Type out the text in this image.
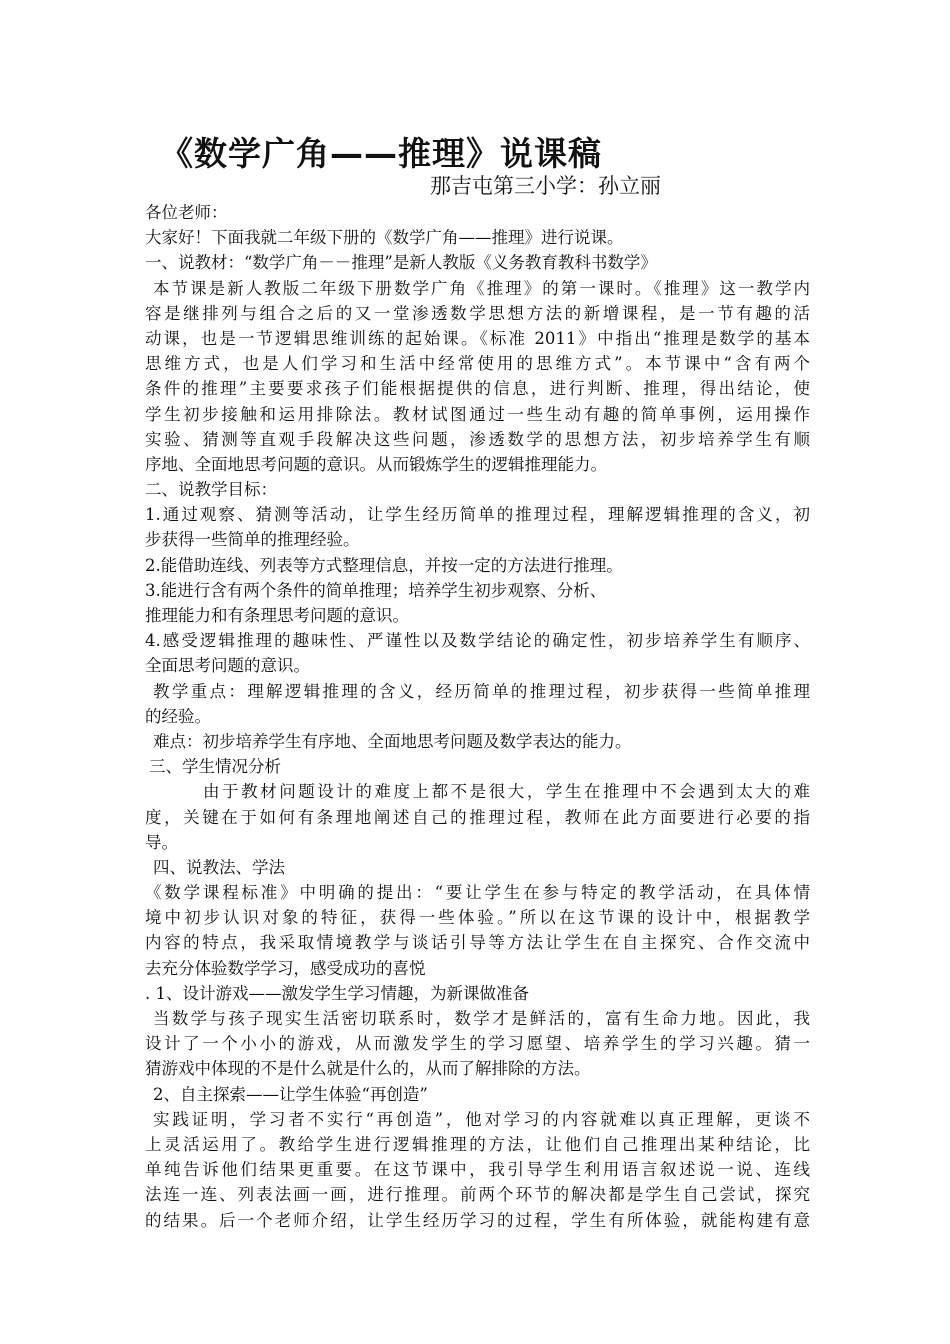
《数学广角——推理》说课稿
那吉屯第三小学：孙立丽
各位老师：
大家好！下面我就二年级下册的《数学广角——推理》进行说课。
一、说教材：“数学广角－－推理”是新人教版《义务教育教科书数学》
本节课是新人教版二年级下册数学广角《推理》的第一课时。《推理》这一教学内
容是继排列与组合之后的又一堂渗透数学思想方法的新增课程，是一节有趣的活
动课，也是一节逻辑思维训练的起始课。《标准 2011》中指出“推理是数学的基本
思维方式，也是人们学习和生活中经常使用的思维方式”。本节课中“含有两个
条件的推理”主要要求孩子们能根据提供的信息，进行判断、推理，得出结论，使
学生初步接触和运用排除法。教材试图通过一些生动有趣的简单事例，运用操作
实验、猜测等直观手段解决这些问题，渗透数学的思想方法，初步培养学生有顺
序地、全面地思考问题的意识。从而锻炼学生的逻辑推理能力。
二、说教学目标：
1.通过观察、猜测等活动，让学生经历简单的推理过程，理解逻辑推理的含义，初
步获得一些简单的推理经验。
2.能借助连线、列表等方式整理信息，并按一定的方法进行推理。
3.能进行含有两个条件的简单推理；培养学生初步观察、分析、
推理能力和有条理思考问题的意识。
4.感受逻辑推理的趣味性、严谨性以及数学结论的确定性，初步培养学生有顺序、
全面思考问题的意识。
教学重点：理解逻辑推理的含义，经历简单的推理过程，初步获得一些简单推理
的经验。
难点：初步培养学生有序地、全面地思考问题及数学表达的能力。
三、学生情况分析
由于教材问题设计的难度上都不是很大，学生在推理中不会遇到太大的难
度，关键在于如何有条理地阐述自己的推理过程，教师在此方面要进行必要的指
导。
四、说教法、学法
《数学课程标准》中明确的提出：“要让学生在参与特定的教学活动，在具体情
境中初步认识对象的特征，获得一些体验。”所以在这节课的设计中，根据教学
内容的特点，我采取情境教学与谈话引导等方法让学生在自主探究、合作交流中
去充分体验数学学习，感受成功的喜悦
. 1、设计游戏——激发学生学习情趣，为新课做准备
当数学与孩子现实生活密切联系时，数学才是鲜活的，富有生命力地。因此，我
设计了一个小小的游戏，从而激发学生的学习愿望、培养学生的学习兴趣。猜一
猜游戏中体现的不是什么就是什么的，从而了解排除的方法。
2、自主探索——让学生体验“再创造”
实践证明，学习者不实行“再创造”，他对学习的内容就难以真正理解，更谈不
上灵活运用了。教给学生进行逻辑推理的方法，让他们自己推理出某种结论，比
单纯告诉他们结果更重要。在这节课中，我引导学生利用语言叙述说一说、连线
法连一连、列表法画一画，进行推理。前两个环节的解决都是学生自己尝试，探究
的结果。后一个老师介绍，让学生经历学习的过程，学生有所体验，就能构建有意
